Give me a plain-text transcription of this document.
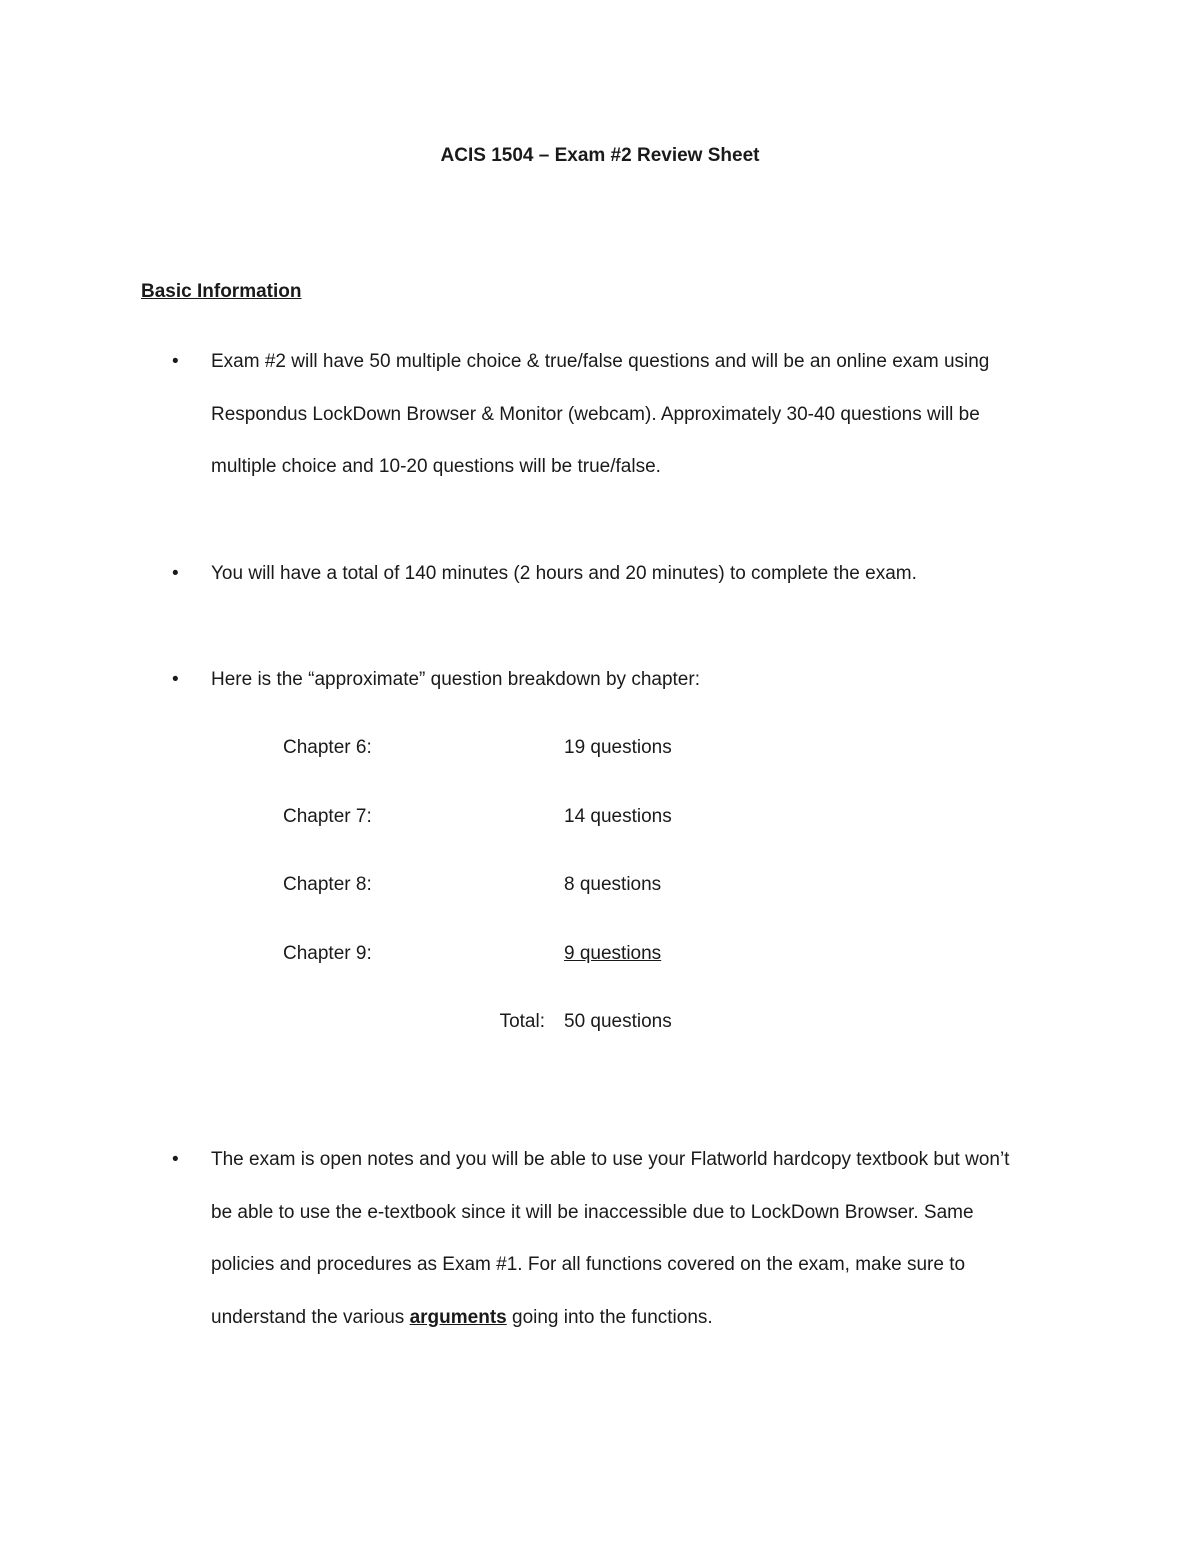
ACIS 1504 – Exam #2 Review Sheet
Basic Information
• Exam #2 will have 50 multiple choice & true/false questions and will be an online exam using
Respondus LockDown Browser & Monitor (webcam). Approximately 30-40 questions will be
multiple choice and 10-20 questions will be true/false.
• You will have a total of 140 minutes (2 hours and 20 minutes) to complete the exam.
• Here is the “approximate” question breakdown by chapter:
Chapter 6:	19 questions
Chapter 7:	14 questions
Chapter 8:	8 questions
Chapter 9:	9 questions
Total: 50 questions
• The exam is open notes and you will be able to use your Flatworld hardcopy textbook but won’t
be able to use the e-textbook since it will be inaccessible due to LockDown Browser. Same
policies and procedures as Exam #1. For all functions covered on the exam, make sure to
understand the various arguments going into the functions.
